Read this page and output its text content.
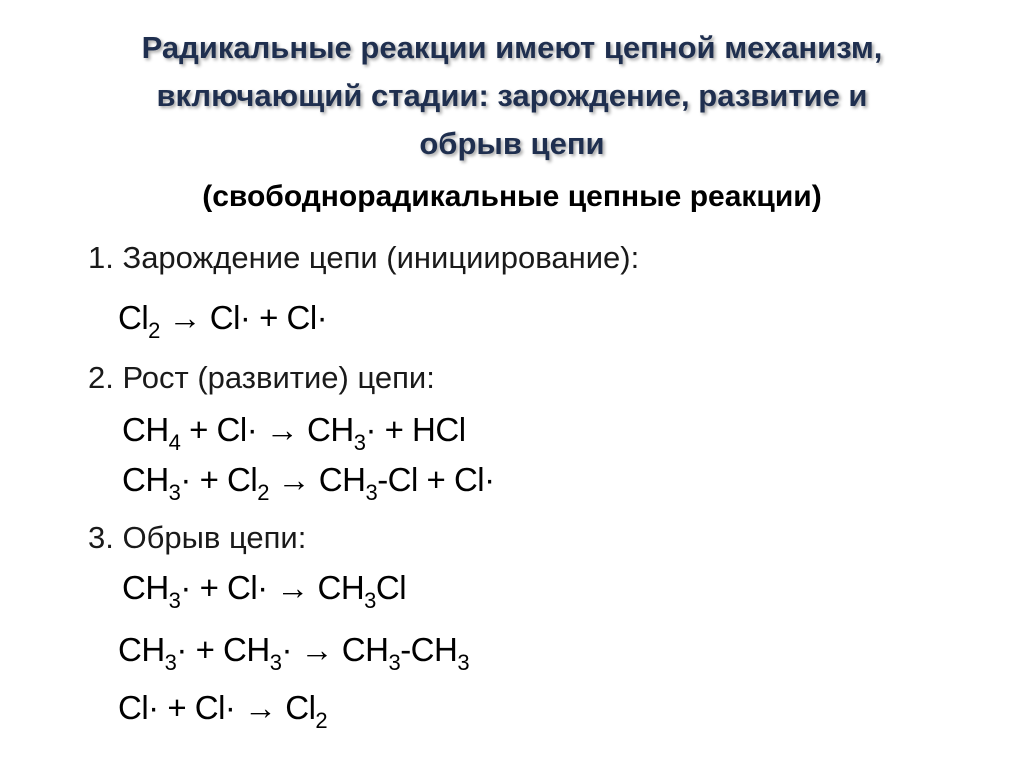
Радикальные реакции имеют цепной механизм,
включающий стадии: зарождение, развитие и
обрыв цепи
(свободнорадикальные цепные реакции)
1. Зарождение цепи (инициирование):
$Cl_2 \to Cl\cdot + Cl\cdot$
2. Рост (развитие) цепи:
$CH_4 + Cl\cdot \to CH_3\cdot$ + HCl
$CH_3\cdot + Cl_2 \to CH_3-Cl + Cl\cdot$
3. Обрыв цепи:
$CH_3\cdot + Cl\cdot \to CH_3Cl$
$CH_3\cdot + CH_3\cdot \to CH_3-CH_3$
$Cl\cdot + Cl\cdot \to Cl_2$
